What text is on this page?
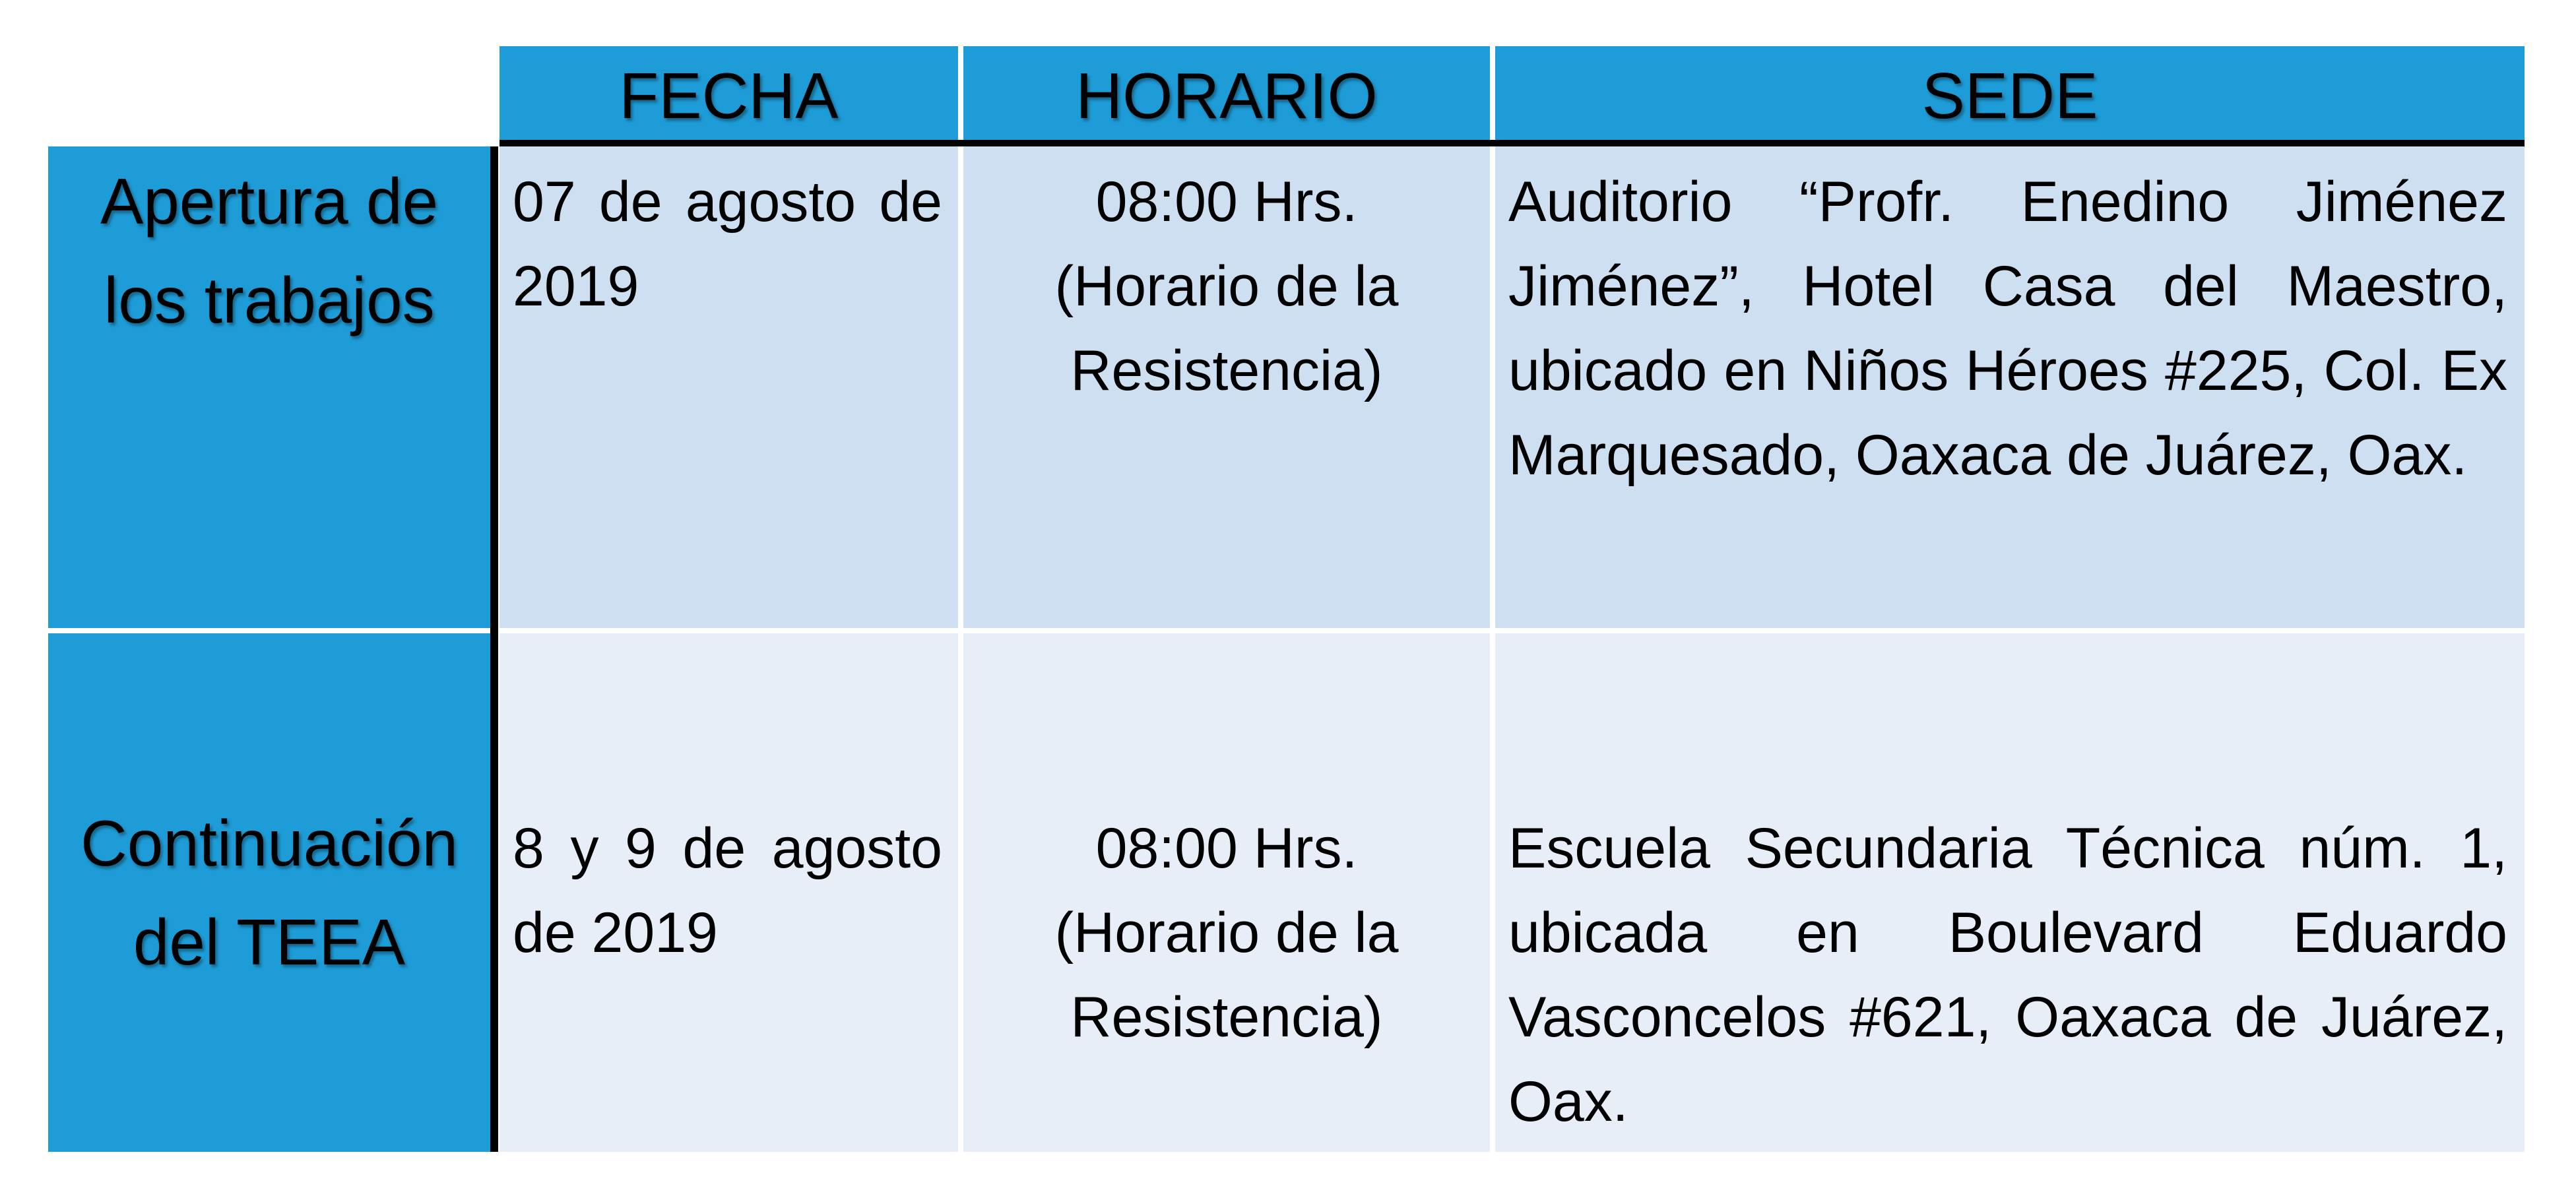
FECHA	HORARIO	SEDE
Apertura de
los trabajos
07 de agosto de 2019
08:00 Hrs.
(Horario de la
Resistencia)
Auditorio “Profr. Enedino Jiménez Jiménez”, Hotel Casa del Maestro, ubicado en Niños Héroes #225, Col. Ex Marquesado, Oaxaca de Juárez, Oax.
Continuación
del TEEA
8 y 9 de agosto de 2019
08:00 Hrs.
(Horario de la
Resistencia)
Escuela Secundaria Técnica núm. 1, ubicada en Boulevard Eduardo Vasconcelos #621, Oaxaca de Juárez, Oax.
